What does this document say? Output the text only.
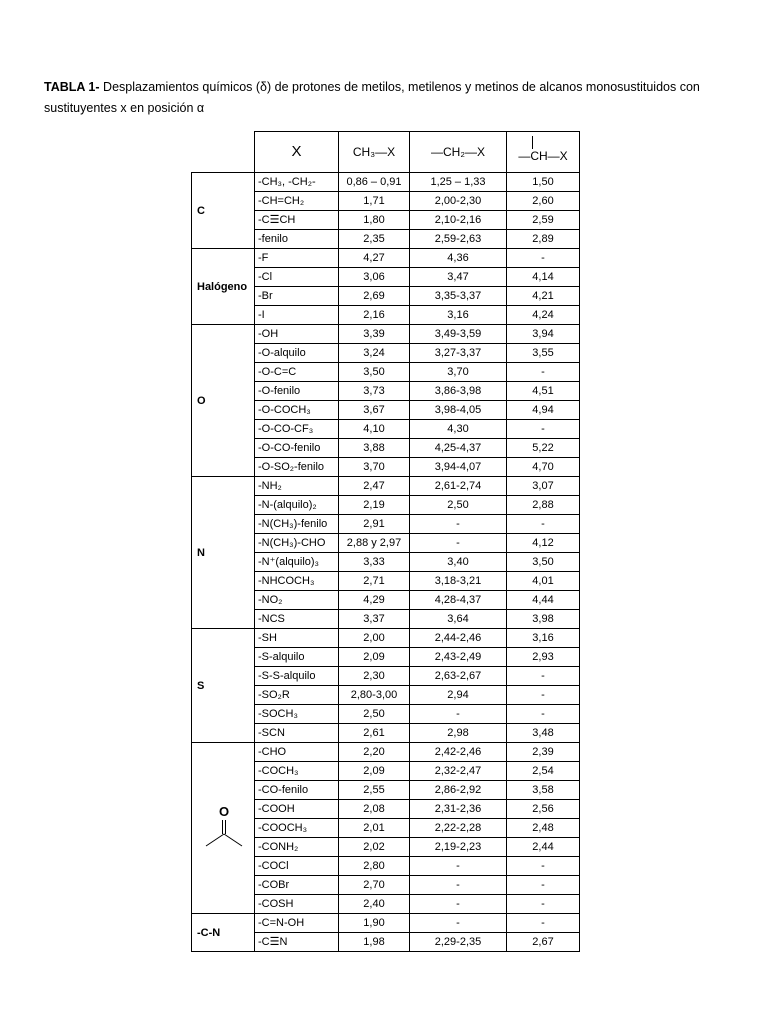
TABLA 1- Desplazamientos químicos (δ) de protones de metilos, metilenos y metinos de alcanos monosustituidos con sustituyentes x en posición α

	X	CH₃—X	—CH₂—X	—CH—X

C	-CH₃, -CH₂-	0,86 – 0,91	1,25 – 1,33	1,50
	-CH=CH₂	1,71	2,00-2,30	2,60
	-C☰CH	1,80	2,10-2,16	2,59
	-fenilo	2,35	2,59-2,63	2,89
Halógeno	-F	4,27	4,36	-
	-Cl	3,06	3,47	4,14
	-Br	2,69	3,35-3,37	4,21
	-I	2,16	3,16	4,24
O	-OH	3,39	3,49-3,59	3,94
	-O-alquilo	3,24	3,27-3,37	3,55
	-O-C=C	3,50	3,70	-
	-O-fenilo	3,73	3,86-3,98	4,51
	-O-COCH₃	3,67	3,98-4,05	4,94
	-O-CO-CF₃	4,10	4,30	-
	-O-CO-fenilo	3,88	4,25-4,37	5,22
	-O-SO₂-fenilo	3,70	3,94-4,07	4,70
N	-NH₂	2,47	2,61-2,74	3,07
	-N-(alquilo)₂	2,19	2,50	2,88
	-N(CH₃)-fenilo	2,91	-	-
	-N(CH₃)-CHO	2,88 y 2,97	-	4,12
	-N⁺(alquilo)₃	3,33	3,40	3,50
	-NHCOCH₃	2,71	3,18-3,21	4,01
	-NO₂	4,29	4,28-4,37	4,44
	-NCS	3,37	3,64	3,98
S	-SH	2,00	2,44-2,46	3,16
	-S-alquilo	2,09	2,43-2,49	2,93
	-S-S-alquilo	2,30	2,63-2,67	-
	-SO₂R	2,80-3,00	2,94	-
	-SOCH₃	2,50	-	-
	-SCN	2,61	2,98	3,48

O	-CHO	2,20	2,42-2,46	2,39
	-COCH₃	2,09	2,32-2,47	2,54
	-CO-fenilo	2,55	2,86-2,92	3,58
	-COOH	2,08	2,31-2,36	2,56
	-COOCH₃	2,01	2,22-2,28	2,48
	-CONH₂	2,02	2,19-2,23	2,44
	-COCl	2,80	-	-
	-COBr	2,70	-	-
	-COSH	2,40	-	-
-C-N	-C=N-OH	1,90	-	-
	-C☰N	1,98	2,29-2,35	2,67
